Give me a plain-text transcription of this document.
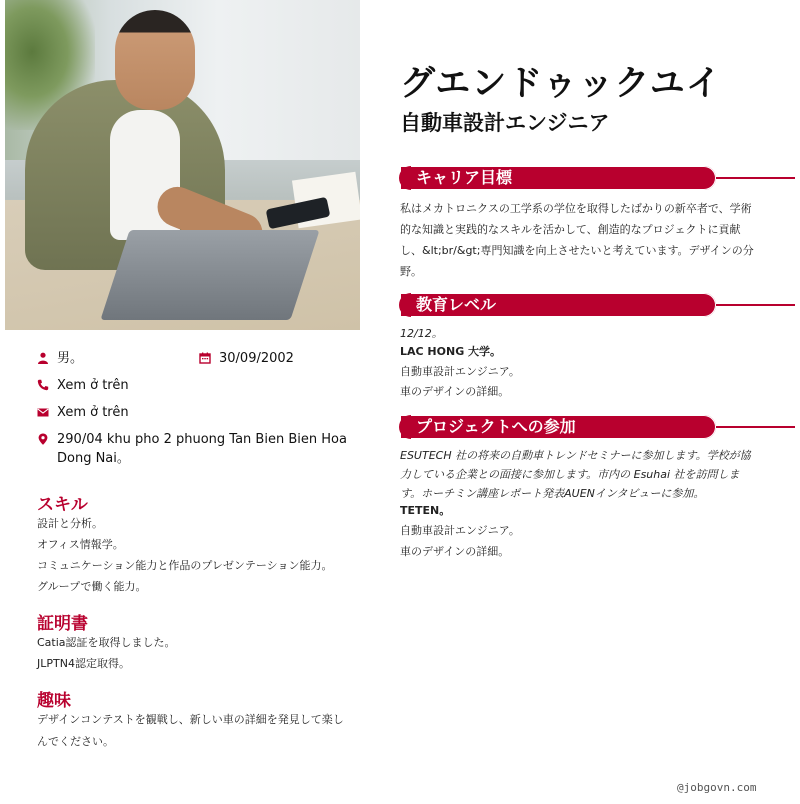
男。	30/09/2002
Xem ở trên
Xem ở trên
290/04 khu pho 2 phuong Tan Bien Bien Hoa Dong Nai。
スキル
設計と分析。
オフィス情報学。
コミュニケーション能力と作品のプレゼンテーション能力。
グループで働く能力。
証明書
Catia認証を取得しました。
JLPTN4認定取得。
趣味
デザインコンテストを観戦し、新しい車の詳細を発見して楽し
んでください。
グエンドゥックユイ
自動車設計エンジニア
キャリア目標
私はメカトロニクスの工学系の学位を取得したばかりの新卒者で、学術
的な知識と実践的なスキルを活かして、創造的なプロジェクトに貢献
し、&lt;br/&gt;専門知識を向上させたいと考えています。デザインの分
野。
教育レベル
12/12。
LAC HONG 大学。
自動車設計エンジニア。
車のデザインの詳細。
プロジェクトへの参加
ESUTECH 社の将来の自動車トレンドセミナーに参加します。学校が協
力している企業との面接に参加します。市内の Esuhai 社を訪問しま
す。ホーチミン講座レポート発表AUENインタビューに参加。
TETEN。
自動車設計エンジニア。
車のデザインの詳細。
@jobgovn.com
